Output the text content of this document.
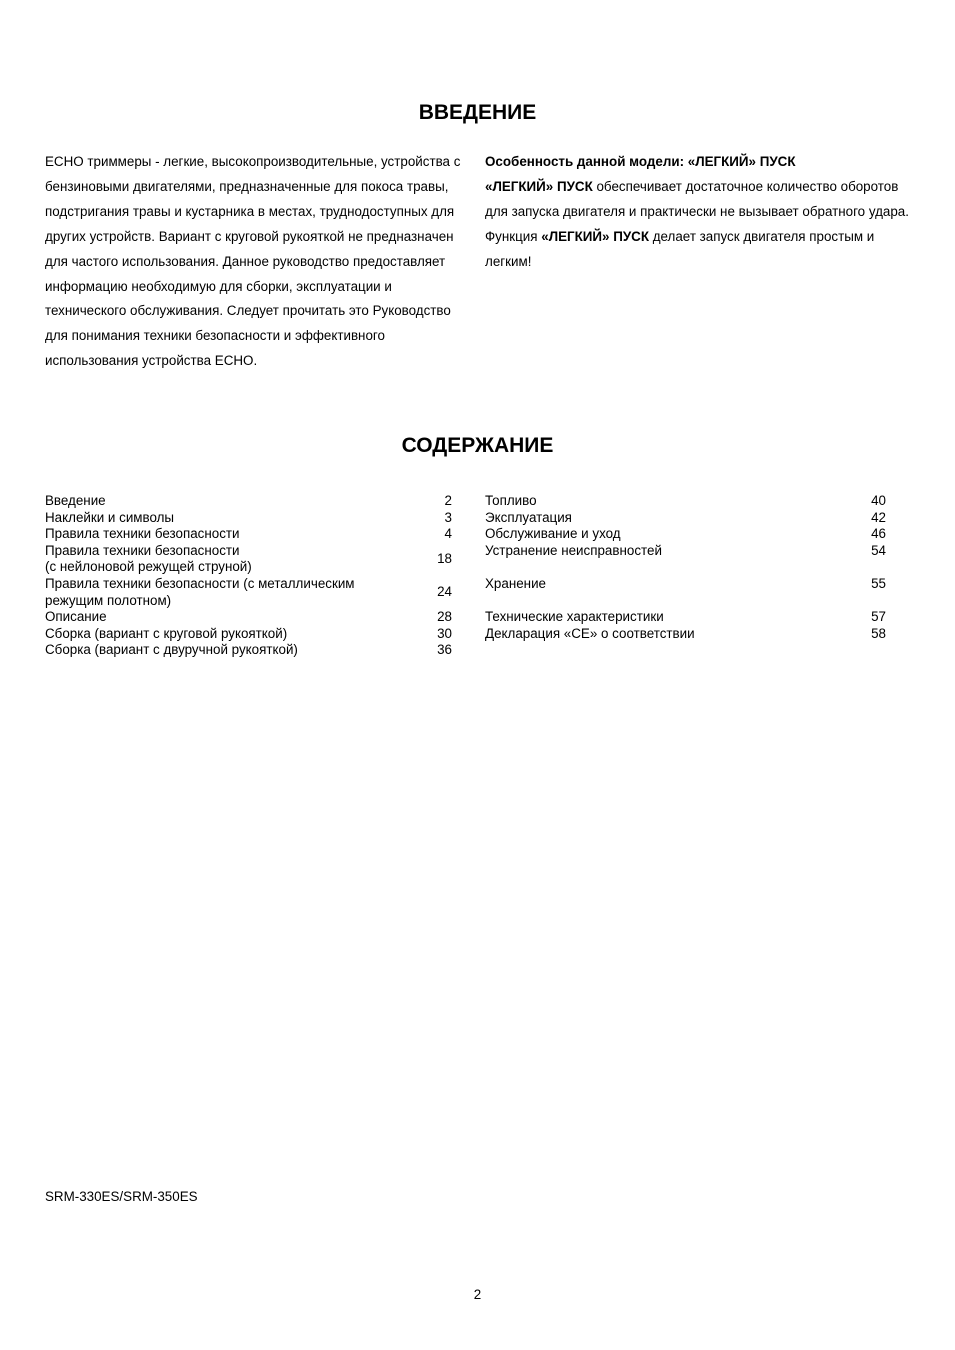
ВВЕДЕНИЕ

ECHO триммеры - легкие, высокопроизводительные, устройства с бензиновыми двигателями, предназначенные для покоса травы, подстригания травы и кустарника в местах, труднодоступных для других устройств. Вариант с круговой рукояткой не предназначен для частого использования. Данное руководство предоставляет информацию необходимую для сборки, эксплуатации и технического обслуживания. Следует прочитать это Руководство для понимания техники безопасности и эффективного использования устройства ECHO.

Особенность данной модели: «ЛЕГКИЙ» ПУСК

«ЛЕГКИЙ» ПУСК обеспечивает достаточное количество оборотов для запуска двигателя и практически не вызывает обратного удара.

Функция «ЛЕГКИЙ» ПУСК делает запуск двигателя простым и легким!

СОДЕРЖАНИЕ
Введение	2
Наклейки и символы	3
Правила техники безопасности	4
Правила техники безопасности
(с нейлоновой режущей струной)	18
Правила техники безопасности (с металлическим
режущим полотном)	24
Описание	28
Сборка (вариант с круговой рукояткой)	30
Сборка (вариант с двуручной рукояткой)	36
Топливо	40
Эксплуатация	42
Обслуживание и уход	46
Устранение неисправностей	54

Хранение	55

Технические характеристики	57
Декларация «CE» о соответствии	58
SRM-330ES/SRM-350ES
2
